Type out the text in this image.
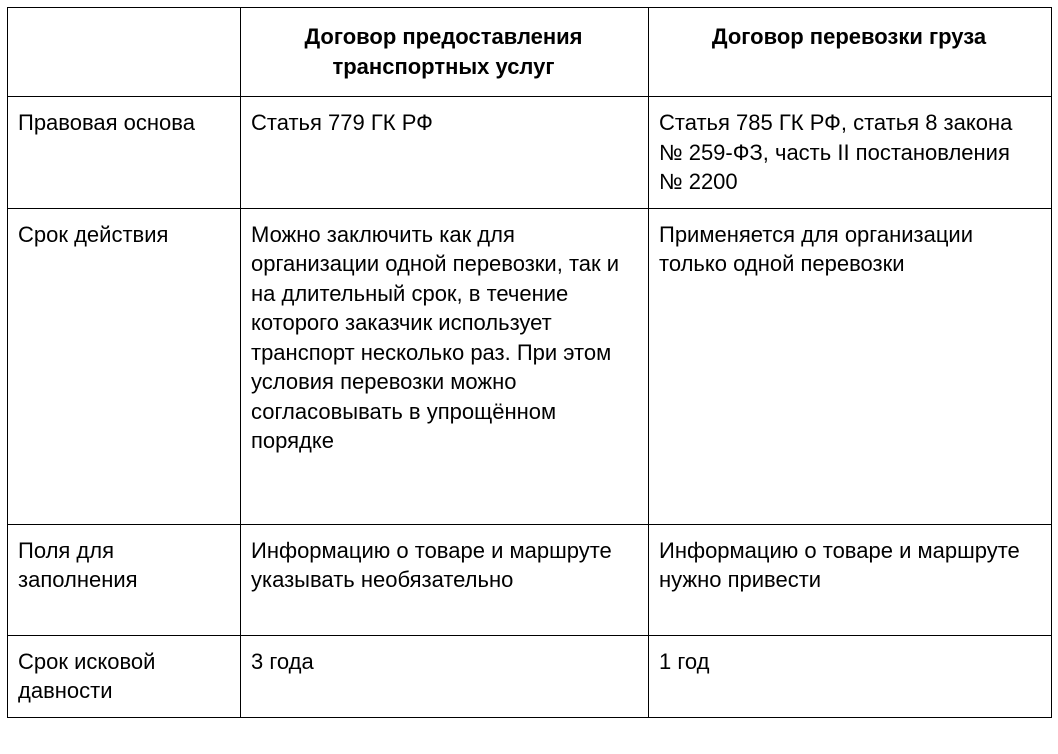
	Договор предоставления транспортных услуг	Договор перевозки груза
Правовая основа	Статья 779 ГК РФ	Статья 785 ГК РФ, статья 8 закона № 259-ФЗ, часть II постановления № 2200
Срок действия	Можно заключить как для организации одной перевозки, так и на длительный срок, в течение которого заказчик использует транспорт несколько раз. При этом условия перевозки можно согласовывать в упрощённом порядке	Применяется для организации только одной перевозки
Поля для заполнения	Информацию о товаре и маршруте указывать необязательно	Информацию о товаре и маршруте нужно привести
Срок исковой давности	3 года	1 год
